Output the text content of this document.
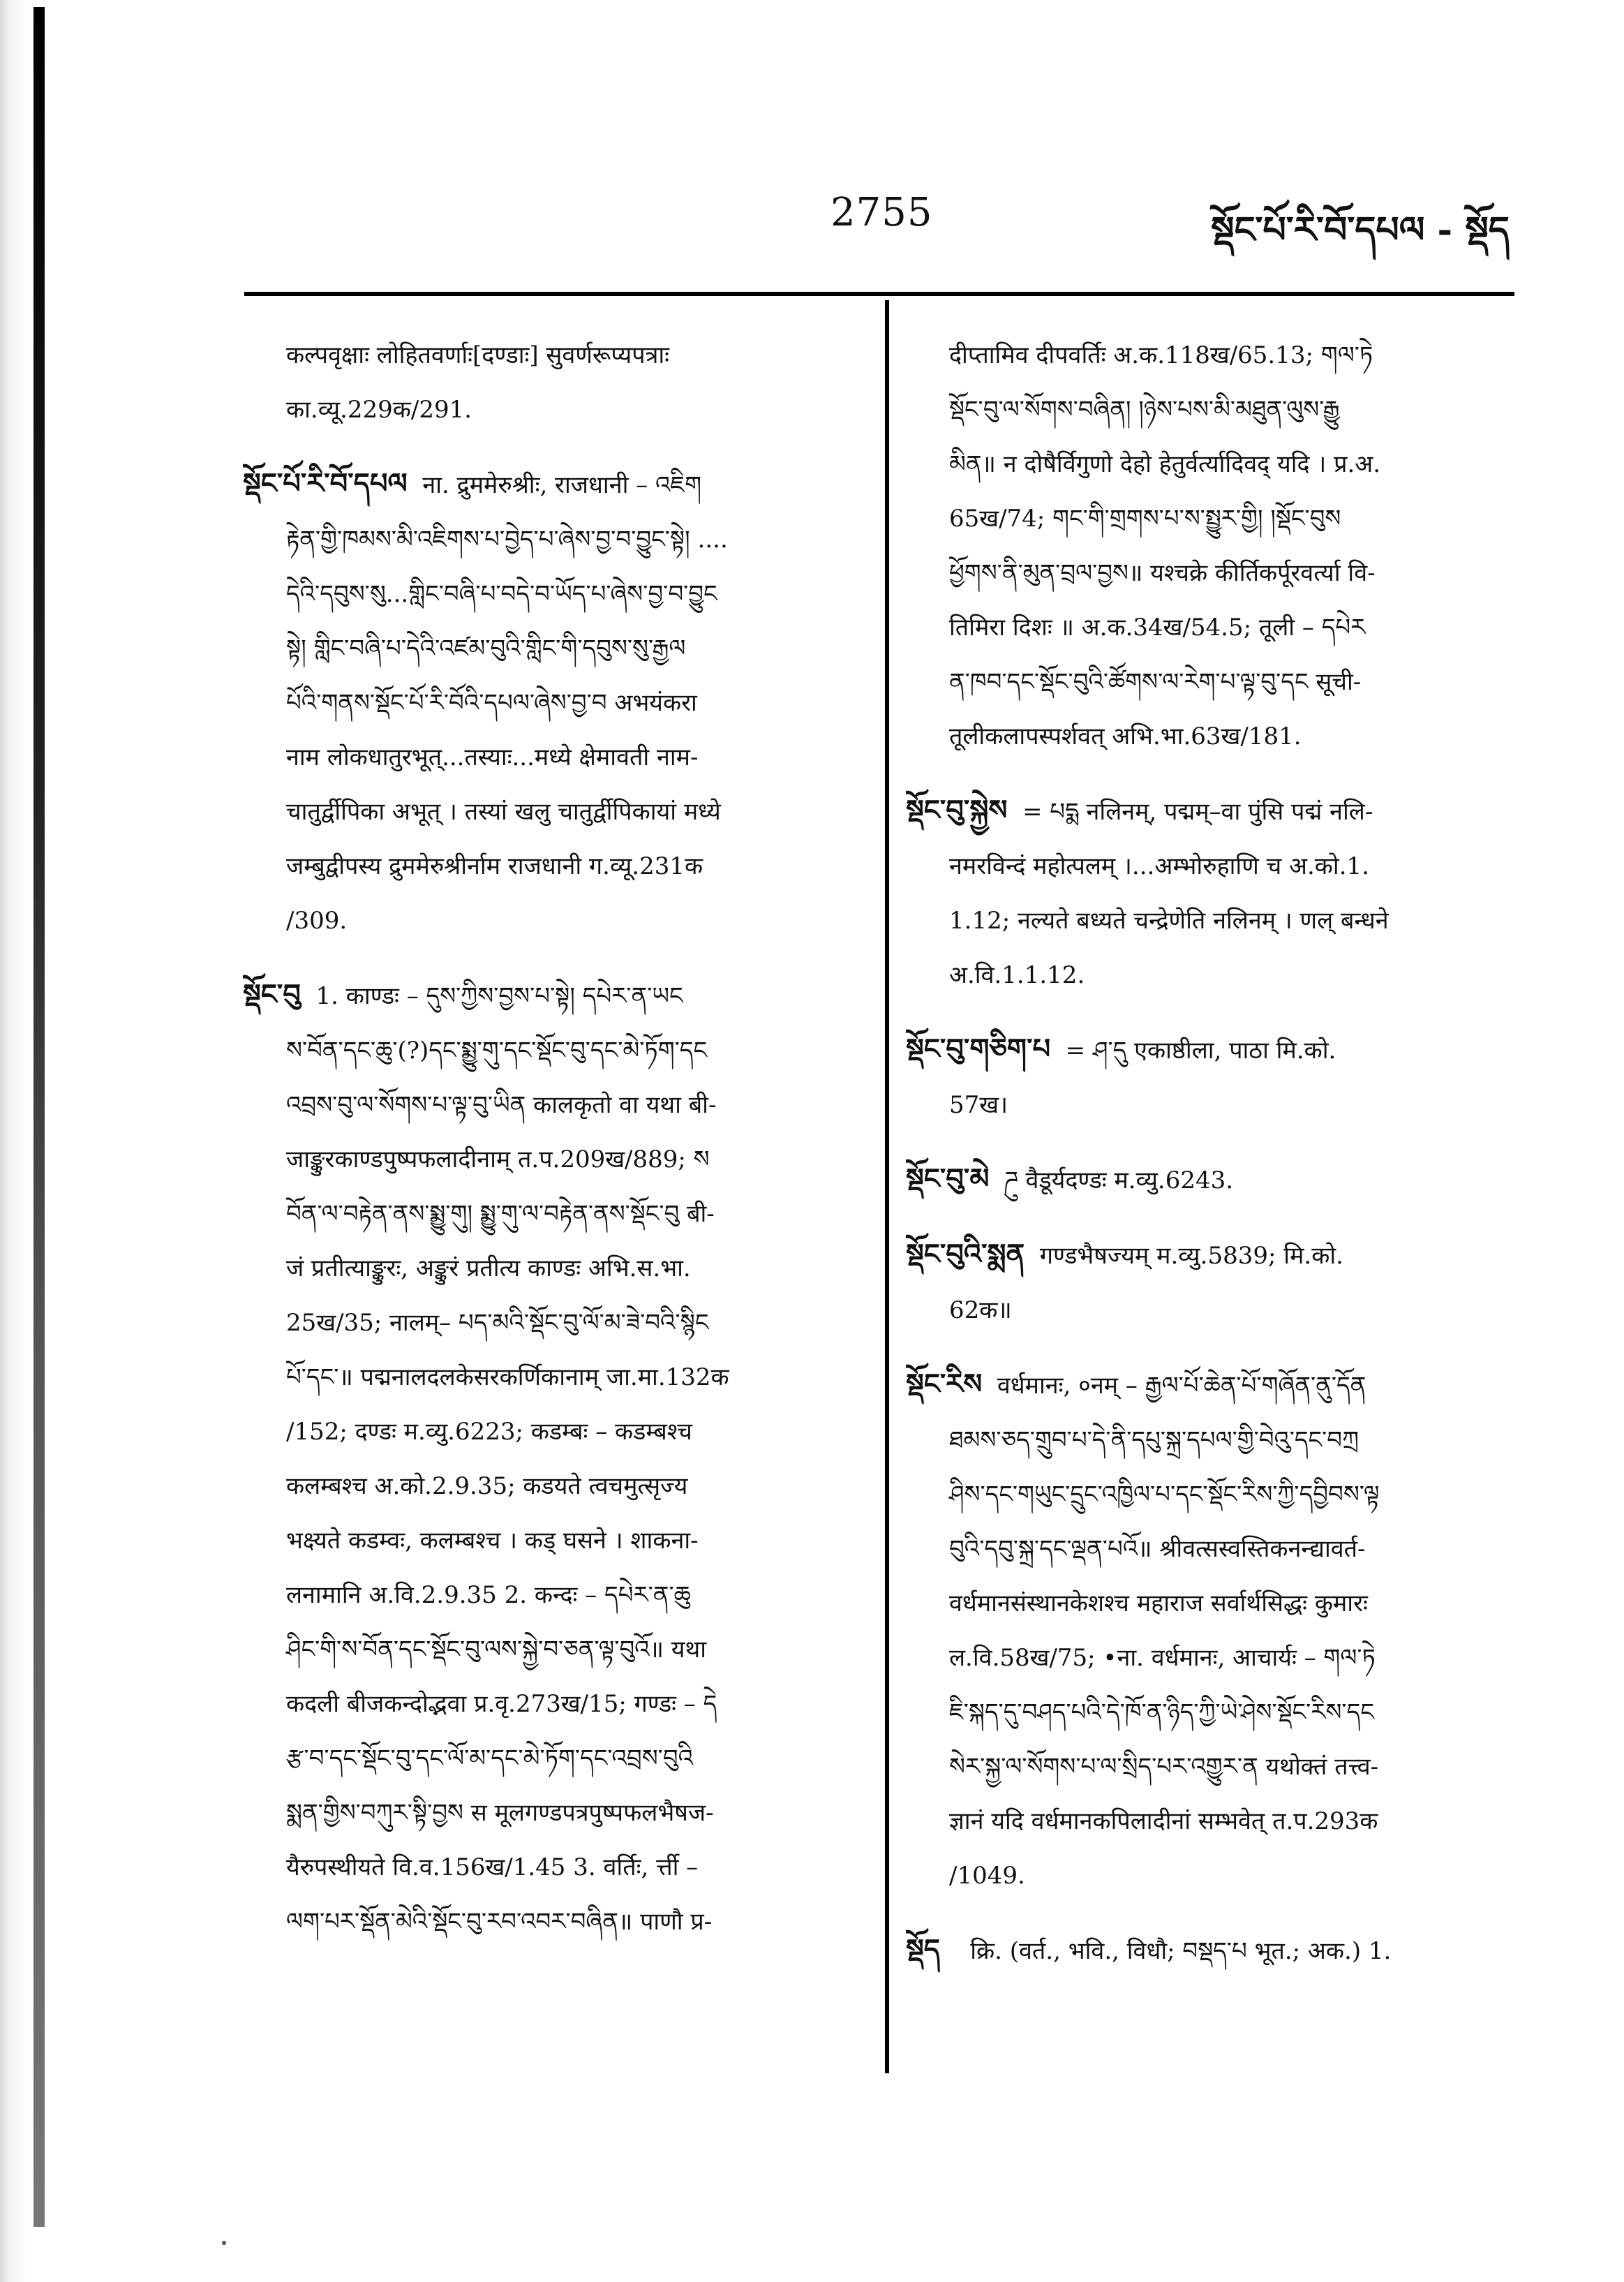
2755	སྡོང་པོ་རི་བོ་དཔལ - སྡོད
कल्पवृक्षाः लोहितवर्णाः[दण्डाः] सुवर्णरूप्यपत्राः
का.व्यू.229क/291.
སྡོང་པོ་རི་བོ་དཔལ ना. द्रुममेरुश्रीः, राजधानी – འཇིག
རྟེན་གྱི་ཁམས་མི་འཇིགས་པ་བྱེད་པ་ཞེས་བྱ་བ་བྱུང་སྟེ། ....
དེའི་དབུས་སུ...གླིང་བཞི་པ་བདེ་བ་ཡོད་པ་ཞེས་བྱ་བ་བྱུང
སྟེ། གླིང་བཞི་པ་དེའི་འཛམ་བུའི་གླིང་གི་དབུས་སུ་རྒྱལ
པོའི་གནས་སྡོང་པོ་རི་བོའི་དཔལ་ཞེས་བྱ་བ अभयंकरा
नाम लोकधातुरभूत्...तस्याः...मध्ये क्षेमावती नाम-
चातुर्द्वीपिका अभूत् । तस्यां खलु चातुर्द्वीपिकायां मध्ये
जम्बुद्वीपस्य द्रुममेरुश्रीर्नाम राजधानी ग.व्यू.231क
/309.
སྡོང་བུ 1. काण्डः – དུས་ཀྱིས་བྱས་པ་སྟེ། དཔེར་ན་ཡང
ས་བོན་དང་ཆུ་(?)དང་སྨྱུ་གུ་དང་སྡོང་བུ་དང་མེ་ཏོག་དང
འབྲས་བུ་ལ་སོགས་པ་ལྟ་བུ་ཡིན कालकृतो वा यथा बी-
जाङ्कुरकाण्डपुष्पफलादीनाम् त.प.209ख/889; ས
བོན་ལ་བརྟེན་ནས་སྨྱུ་གུ། སྨྱུ་གུ་ལ་བརྟེན་ནས་སྡོང་བུ बी-
जं प्रतीत्याङ्कुरः, अङ्कुरं प्रतीत्य काण्डः अभि.स.भा.
25ख/35; नालम्– པད་མའི་སྡོང་བུ་ལོ་མ་ཟེ་བའི་སྙིང
པོ་དང་॥ पद्मनालदलकेसरकर्णिकानाम् जा.मा.132क
/152; दण्डः म.व्यु.6223; कडम्बः – कडम्बश्च
कलम्बश्च अ.को.2.9.35; कडयते त्वचमुत्सृज्य
भक्ष्यते कडम्वः, कलम्बश्च । कड् घसने । शाकना-
लनामानि अ.वि.2.9.35 2. कन्दः – དཔེར་ན་ཆུ
ཤིང་གི་ས་བོན་དང་སྡོང་བུ་ལས་སྐྱེ་བ་ཅན་ལྟ་བུའོ॥ यथा
कदली बीजकन्दोद्भवा प्र.वृ.273ख/15; गण्डः – དེ
རྩ་བ་དང་སྡོང་བུ་དང་ལོ་མ་དང་མེ་ཏོག་དང་འབྲས་བུའི
སྨན་གྱིས་བཀུར་སྟི་བྱས स मूलगण्डपत्रपुष्पफलभैषज-
यैरुपस्थीयते वि.व.156ख/1.45 3. वर्तिः, र्त्ती –
ལག་པར་སྡོན་མེའི་སྡོང་བུ་རབ་འབར་བཞིན॥ पाणौ प्र-
दीप्तामिव दीपवर्तिः अ.क.118ख/65.13; གལ་ཏེ
སྡོང་བུ་ལ་སོགས་བཞིན། །ཉེས་པས་མི་མཐུན་ལུས་རྒྱུ
མིན॥ न दोषैर्विगुणो देहो हेतुर्वर्त्यादिवद् यदि । प्र.अ.
65ख/74; གང་གི་གྲགས་པ་ས་སྤྱུར་གྱི། །སྡོང་བུས
ཕྱོགས་ནི་མུན་བྲལ་བྱས॥ यश्चक्रे कीर्तिकर्पूरवर्त्या वि-
तिमिरा दिशः ॥ अ.क.34ख/54.5; तूली – དཔེར
ན་ཁབ་དང་སྡོང་བུའི་ཚོགས་ལ་རེག་པ་ལྟ་བུ་དང सूची-
तूलीकलापस्पर्शवत् अभि.भा.63ख/181.
སྡོང་བུ་སྐྱེས = པདྨ नलिनम्, पद्मम्–वा पुंसि पद्मं नलि-
नमरविन्दं महोत्पलम् ।...अम्भोरुहाणि च अ.को.1.
1.12; नल्यते बध्यते चन्द्रेणेति नलिनम् । णल् बन्धने
अ.वि.1.1.12.
སྡོང་བུ་གཅིག་པ = ཤ་དུ एकाष्ठीला, पाठा मि.को.
57ख।
སྡོང་བུ་མེ ཌུ वैडूर्यदण्डः म.व्यु.6243.
སྡོང་བུའི་སྨན गण्डभैषज्यम् म.व्यु.5839; मि.को.
62क॥
སྡོང་རིས वर्धमानः, ०नम् – རྒྱལ་པོ་ཆེན་པོ་གཞོན་ནུ་དོན
ཐམས་ཅད་གྲུབ་པ་དེ་ནི་དཔུ་སྐྲ་དཔལ་གྱི་བེའུ་དང་བཀྲ
ཤིས་དང་གཡུང་དྲུང་འཁྱིལ་པ་དང་སྡོང་རིས་ཀྱི་དབྱིབས་ལྟ
བུའི་དབུ་སྐྲ་དང་ལྡན་པའོ॥ श्रीवत्सस्वस्तिकनन्द्यावर्त-
वर्धमानसंस्थानकेशश्च महाराज सर्वार्थसिद्धः कुमारः
ल.वि.58ख/75; •ना. वर्धमानः, आचार्यः – གལ་ཏེ
ཇི་སྐད་དུ་བཤད་པའི་དེ་ཁོ་ན་ཉིད་ཀྱི་ཡེ་ཤེས་སྡོང་རིས་དང
སེར་སྐྱ་ལ་སོགས་པ་ལ་སྲིད་པར་འགྱུར་ན यथोक्तं तत्त्व-
ज्ञानं यदि वर्धमानकपिलादीनां सम्भवेत् त.प.293क
/1049.
སྡོད क्रि. (वर्त., भवि., विधौ; བསྡད་པ भूत.; अक.) 1.
